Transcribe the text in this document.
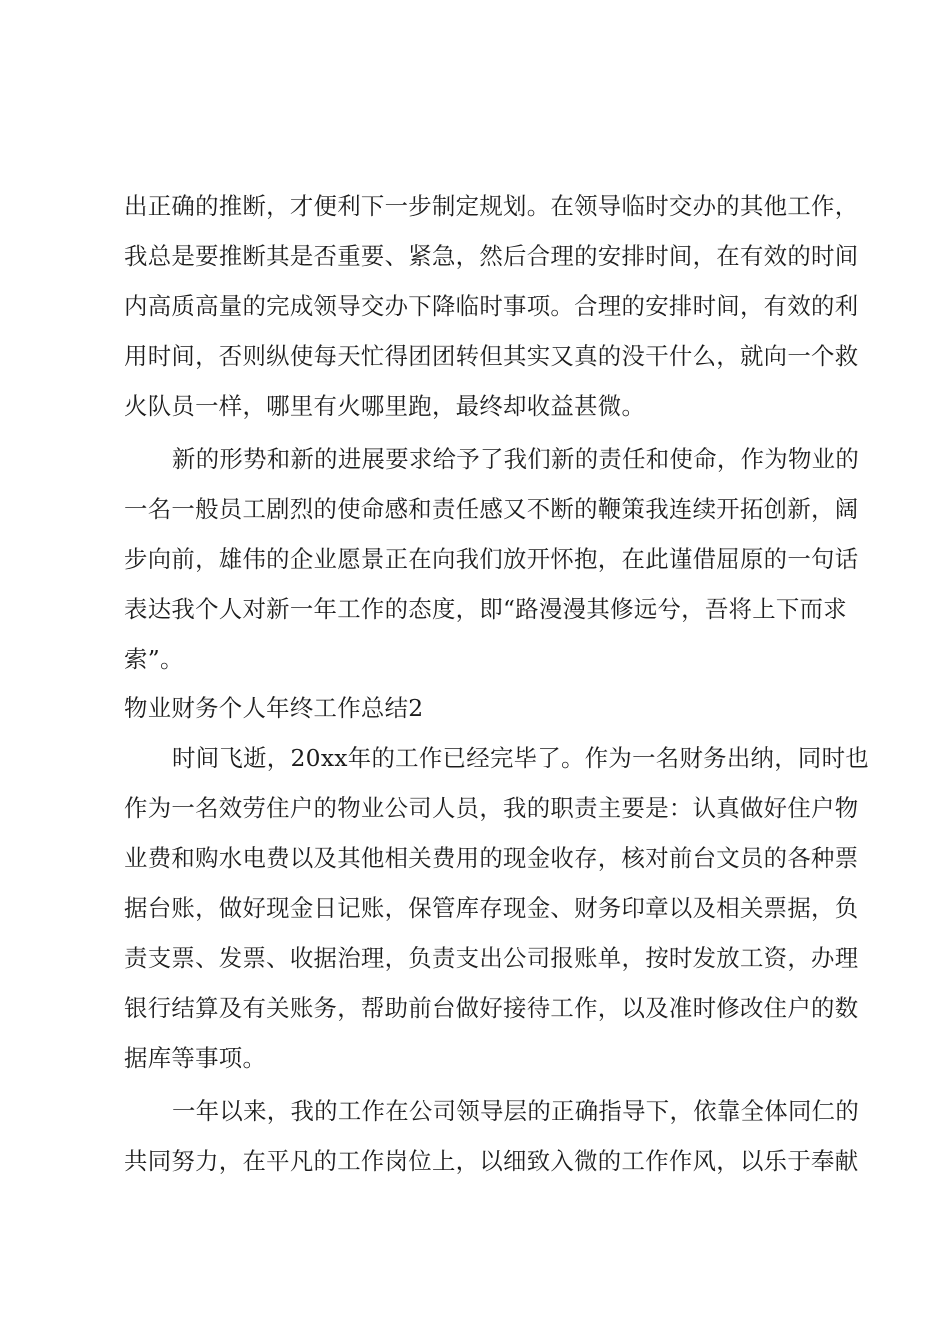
出正确的推断，才便利下一步制定规划。在领导临时交办的其他工作，
我总是要推断其是否重要、紧急，然后合理的安排时间，在有效的时间
内高质高量的完成领导交办下降临时事项。合理的安排时间，有效的利
用时间，否则纵使每天忙得团团转但其实又真的没干什么，就向一个救
火队员一样，哪里有火哪里跑，最终却收益甚微。
新的形势和新的进展要求给予了我们新的责任和使命，作为物业的
一名一般员工剧烈的使命感和责任感又不断的鞭策我连续开拓创新，阔
步向前，雄伟的企业愿景正在向我们放开怀抱，在此谨借屈原的一句话
表达我个人对新一年工作的态度，即“路漫漫其修远兮，吾将上下而求
索”。
物业财务个人年终工作总结2
时间飞逝，20xx年的工作已经完毕了。作为一名财务出纳，同时也
作为一名效劳住户的物业公司人员，我的职责主要是：认真做好住户物
业费和购水电费以及其他相关费用的现金收存，核对前台文员的各种票
据台账，做好现金日记账，保管库存现金、财务印章以及相关票据，负
责支票、发票、收据治理，负责支出公司报账单，按时发放工资，办理
银行结算及有关账务，帮助前台做好接待工作，以及准时修改住户的数
据库等事项。
一年以来，我的工作在公司领导层的正确指导下，依靠全体同仁的
共同努力，在平凡的工作岗位上，以细致入微的工作作风，以乐于奉献
